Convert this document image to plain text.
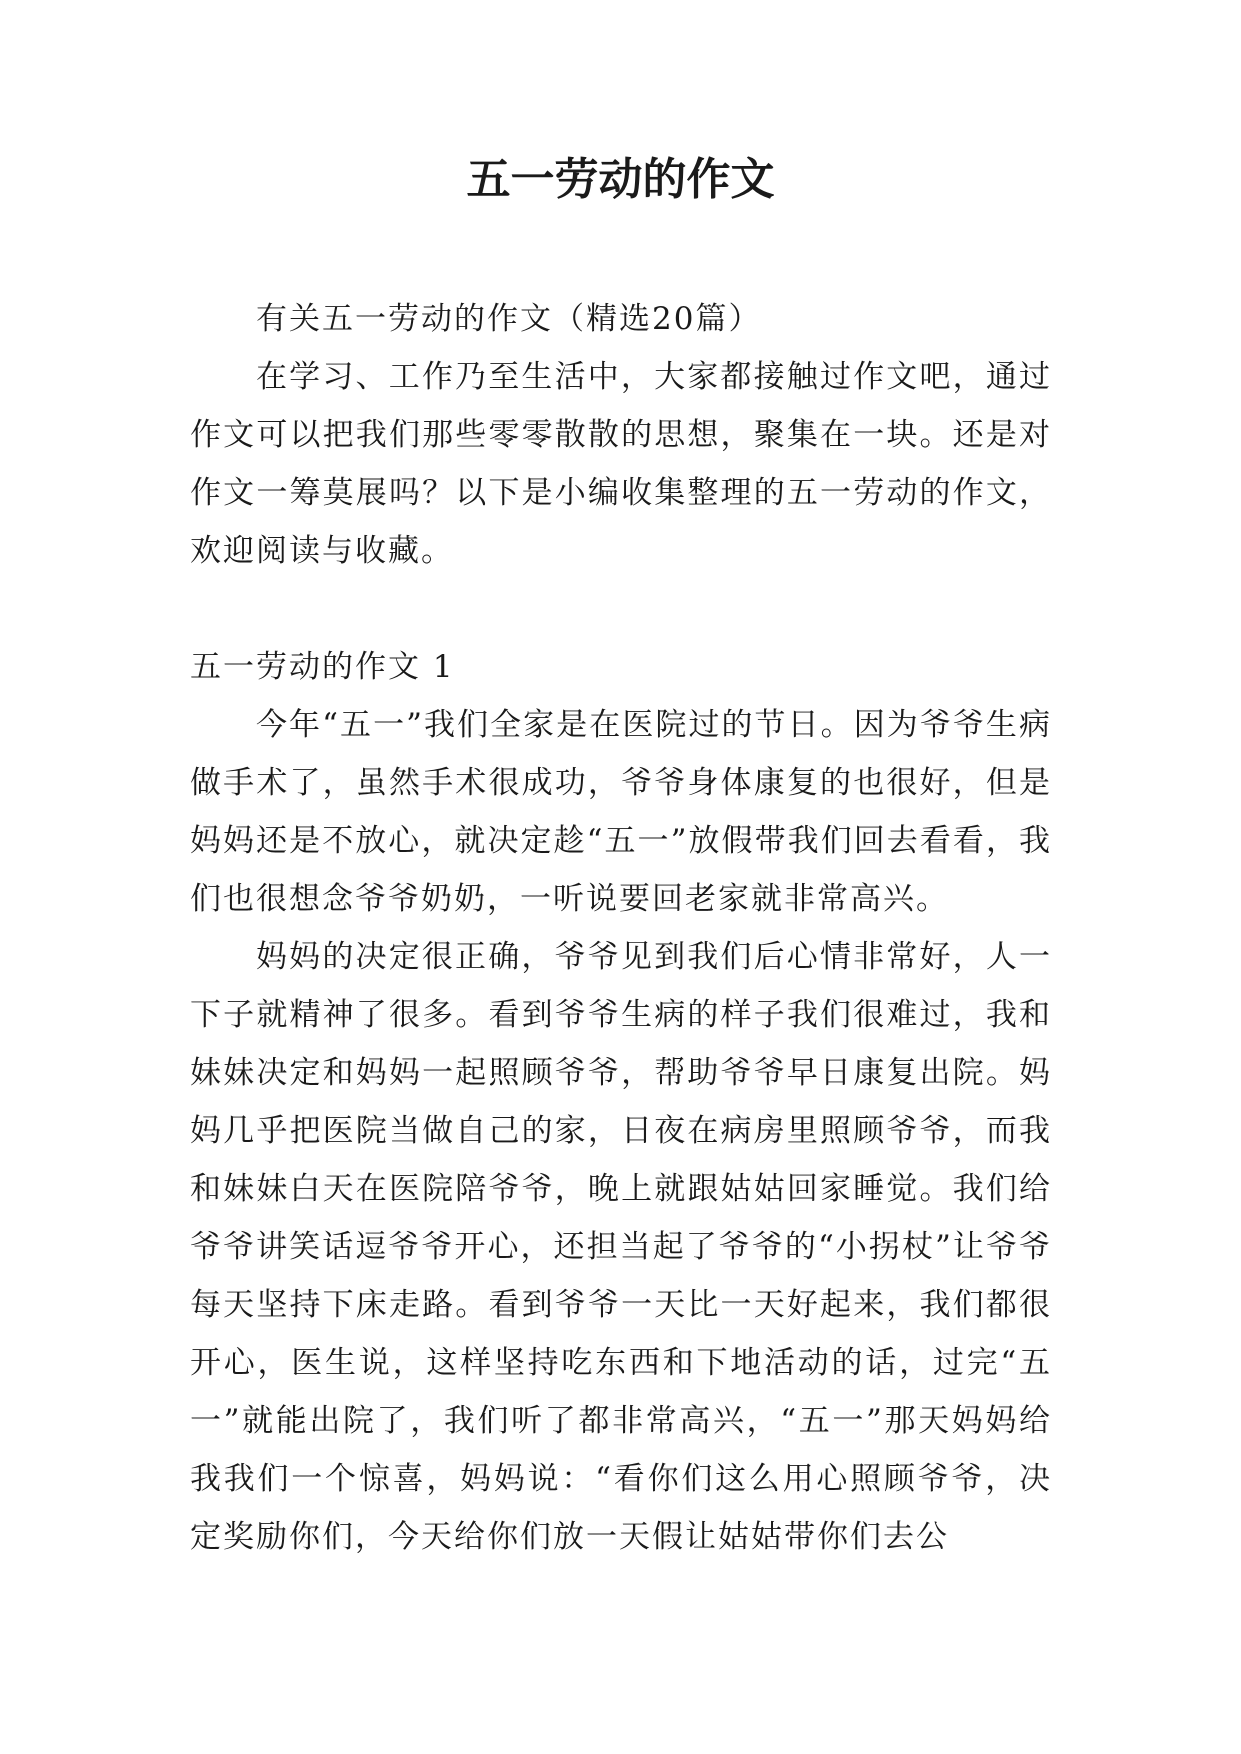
五一劳动的作文

有关五一劳动的作文（精选20篇）

在学习、工作乃至生活中，大家都接触过作文吧，通过作文可以把我们那些零零散散的思想，聚集在一块。还是对作文一筹莫展吗？以下是小编收集整理的五一劳动的作文，欢迎阅读与收藏。

五一劳动的作文 1

今年“五一”我们全家是在医院过的节日。因为爷爷生病做手术了，虽然手术很成功，爷爷身体康复的也很好，但是妈妈还是不放心，就决定趁“五一”放假带我们回去看看，我们也很想念爷爷奶奶，一听说要回老家就非常高兴。

妈妈的决定很正确，爷爷见到我们后心情非常好，人一下子就精神了很多。看到爷爷生病的样子我们很难过，我和妹妹决定和妈妈一起照顾爷爷，帮助爷爷早日康复出院。妈妈几乎把医院当做自己的家，日夜在病房里照顾爷爷，而我和妹妹白天在医院陪爷爷，晚上就跟姑姑回家睡觉。我们给爷爷讲笑话逗爷爷开心，还担当起了爷爷的“小拐杖”让爷爷每天坚持下床走路。看到爷爷一天比一天好起来，我们都很开心，医生说，这样坚持吃东西和下地活动的话，过完“五一”就能出院了，我们听了都非常高兴，“五一”那天妈妈给我我们一个惊喜，妈妈说：“看你们这么用心照顾爷爷，决定奖励你们，今天给你们放一天假让姑姑带你们去公
